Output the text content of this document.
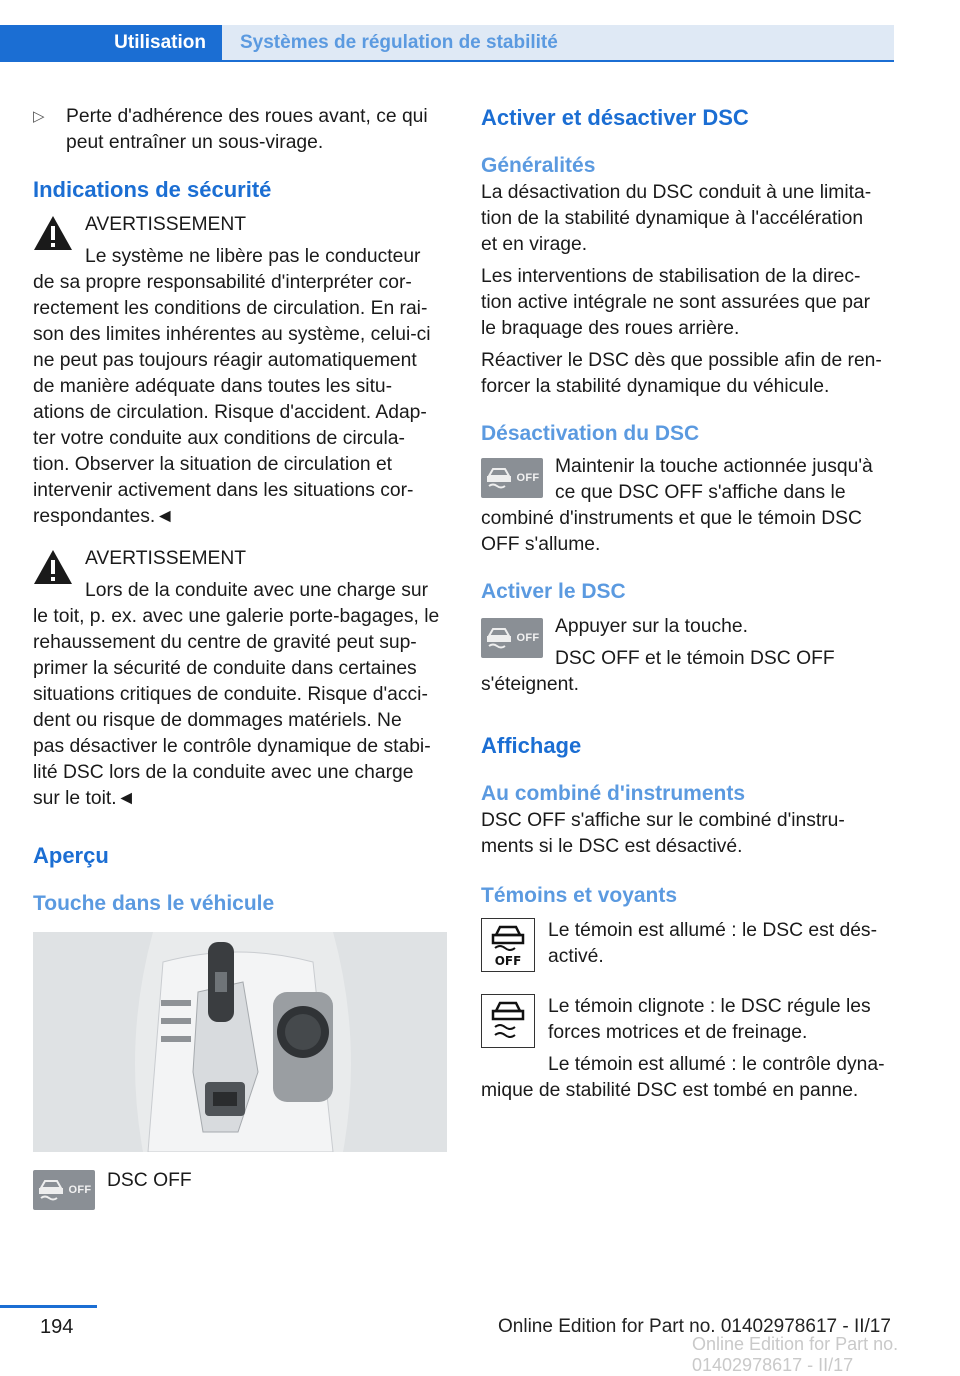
Utilisation	Systèmes de régulation de stabilité
▷ Perte d'adhérence des roues avant, ce qui
peut entraîner un sous-virage.
Indications de sécurité
AVERTISSEMENT
Le système ne libère pas le conducteur
de sa propre responsabilité d'interpréter cor-
rectement les conditions de circulation. En rai-
son des limites inhérentes au système, celui-ci
ne peut pas toujours réagir automatiquement
de manière adéquate dans toutes les situ-
ations de circulation. Risque d'accident. Adap-
ter votre conduite aux conditions de circula-
tion. Observer la situation de circulation et
intervenir activement dans les situations cor-
respondantes.◄
AVERTISSEMENT
Lors de la conduite avec une charge sur
le toit, p. ex. avec une galerie porte-bagages, le
rehaussement du centre de gravité peut sup-
primer la sécurité de conduite dans certaines
situations critiques de conduite. Risque d'acci-
dent ou risque de dommages matériels. Ne
pas désactiver le contrôle dynamique de stabi-
lité DSC lors de la conduite avec une charge
sur le toit.◄
Aperçu
Touche dans le véhicule
OFF DSC OFF
Activer et désactiver DSC
Généralités
La désactivation du DSC conduit à une limita-
tion de la stabilité dynamique à l'accélération
et en virage.
Les interventions de stabilisation de la direc-
tion active intégrale ne sont assurées que par
le braquage des roues arrière.
Réactiver le DSC dès que possible afin de ren-
forcer la stabilité dynamique du véhicule.
Désactivation du DSC
OFF
Maintenir la touche actionnée jusqu'à
ce que DSC OFF s'affiche dans le
combiné d'instruments et que le témoin DSC
OFF s'allume.
Activer le DSC
OFF
Appuyer sur la touche.
DSC OFF et le témoin DSC OFF
s'éteignent.
Affichage
Au combiné d'instruments
DSC OFF s'affiche sur le combiné d'instru-
ments si le DSC est désactivé.
Témoins et voyants
OFF
Le témoin est allumé : le DSC est dés-
activé.
Le témoin clignote : le DSC régule les
forces motrices et de freinage.
Le témoin est allumé : le contrôle dyna-
mique de stabilité DSC est tombé en panne.
194	Online Edition for Part no. 01402978617 - II/17
Online Edition for Part no. 01402978617 - II/17
